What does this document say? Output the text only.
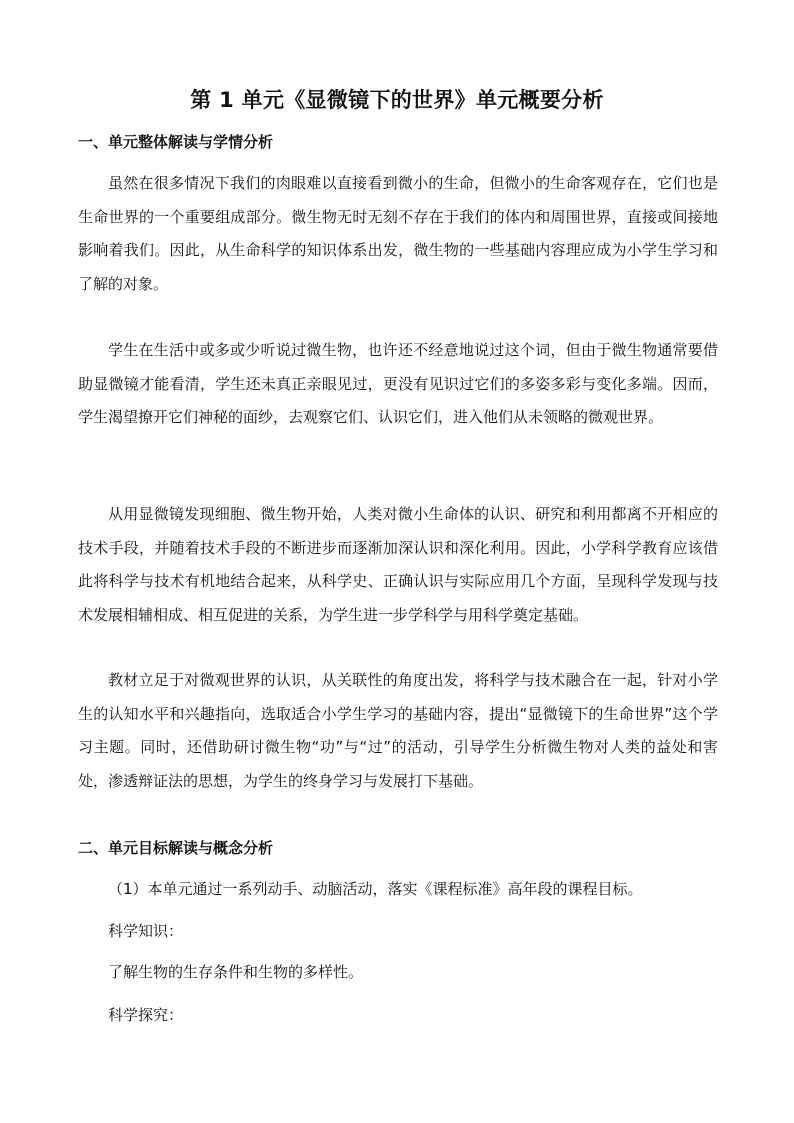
第 1 单元《显微镜下的世界》单元概要分析
一、单元整体解读与学情分析

虽然在很多情况下我们的肉眼难以直接看到微小的生命，但微小的生命客观存在，它们也是生命世界的一个重要组成部分。微生物无时无刻不存在于我们的体内和周围世界，直接或间接地影响着我们。因此，从生命科学的知识体系出发，微生物的一些基础内容理应成为小学生学习和了解的对象。

学生在生活中或多或少听说过微生物，也许还不经意地说过这个词，但由于微生物通常要借助显微镜才能看清，学生还未真正亲眼见过，更没有见识过它们的多姿多彩与变化多端。因而，学生渴望撩开它们神秘的面纱，去观察它们、认识它们，进入他们从未领略的微观世界。

从用显微镜发现细胞、微生物开始，人类对微小生命体的认识、研究和利用都离不开相应的技术手段，并随着技术手段的不断进步而逐渐加深认识和深化利用。因此，小学科学教育应该借此将科学与技术有机地结合起来，从科学史、正确认识与实际应用几个方面，呈现科学发现与技术发展相辅相成、相互促进的关系，为学生进一步学科学与用科学奠定基础。

教材立足于对微观世界的认识，从关联性的角度出发，将科学与技术融合在一起，针对小学生的认知水平和兴趣指向，选取适合小学生学习的基础内容，提出“显微镜下的生命世界”这个学习主题。同时，还借助研讨微生物“功”与“过”的活动，引导学生分析微生物对人类的益处和害处，渗透辩证法的思想，为学生的终身学习与发展打下基础。

二、单元目标解读与概念分析

（1）本单元通过一系列动手、动脑活动，落实《课程标准》高年段的课程目标。

科学知识：

了解生物的生存条件和生物的多样性。

科学探究：
